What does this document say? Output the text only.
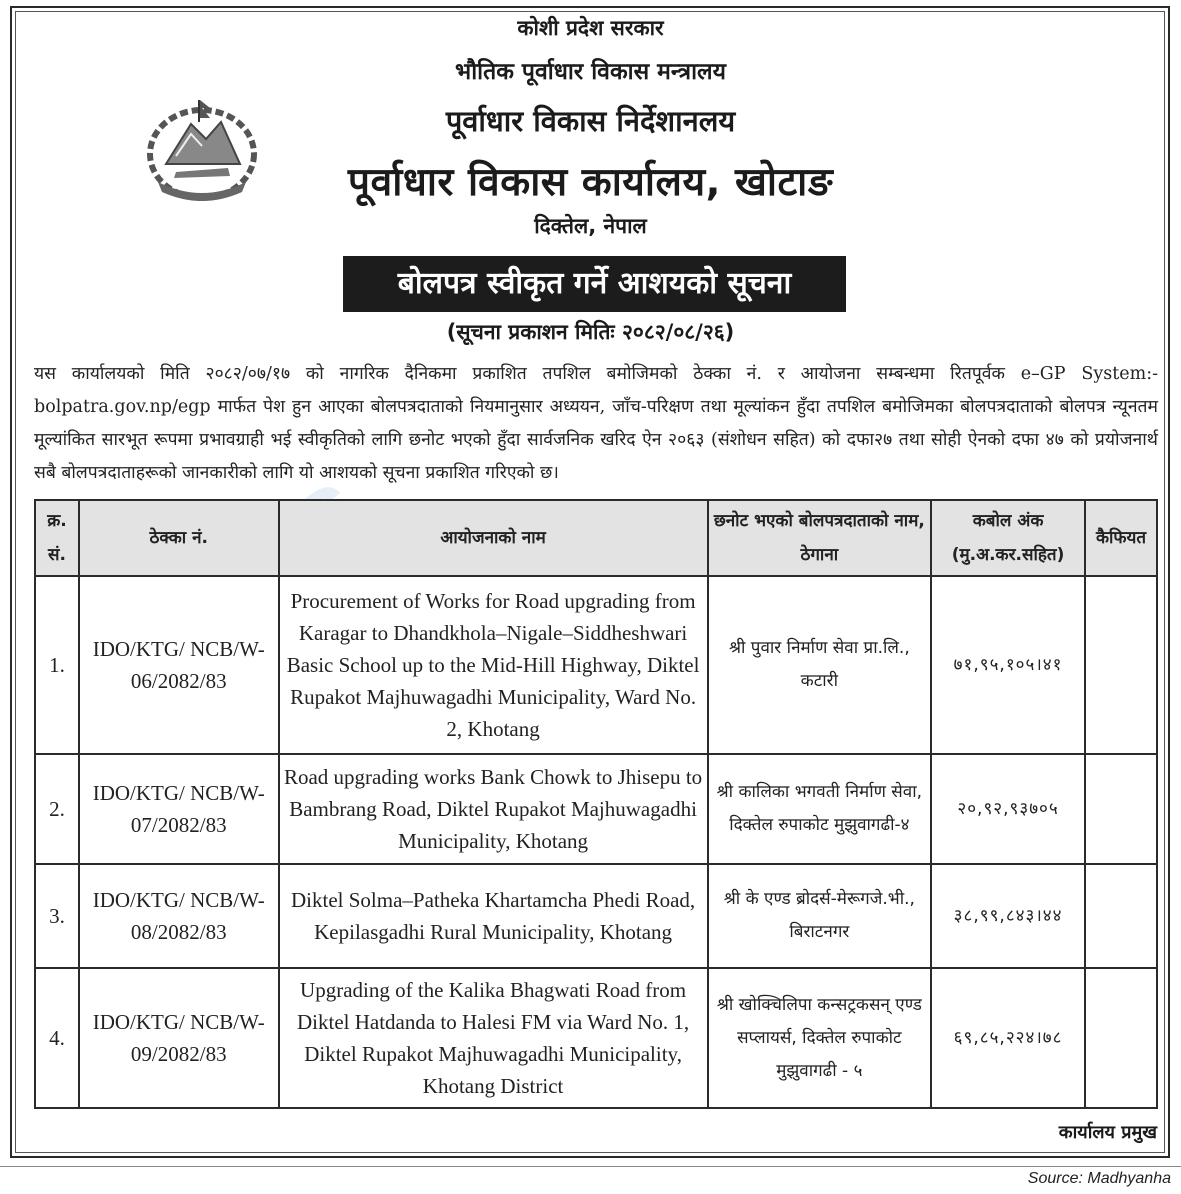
कोशी प्रदेश सरकार
भौतिक पूर्वाधार विकास मन्त्रालय
पूर्वाधार विकास निर्देशानलय
पूर्वाधार विकास कार्यालय, खोटाङ
दिक्तेल, नेपाल
बोलपत्र स्वीकृत गर्ने आशयको सूचना
(सूचना प्रकाशन मितिः २०८२/०८/२६)
यस कार्यालयको मिति २०८२/०७/१७ को नागरिक दैनिकमा प्रकाशित तपशिल बमोजिमको ठेक्का नं. र आयोजना सम्बन्धमा रितपूर्वक e–GP System:- bolpatra.gov.np/egp मार्फत पेश हुन आएका बोलपत्रदाताको नियमानुसार अध्ययन, जाँच-परिक्षण तथा मूल्यांकन हुँदा तपशिल बमोजिमका बोलपत्रदाताको बोलपत्र न्यूनतम मूल्यांकित सारभूत रूपमा प्रभावग्राही भई स्वीकृतिको लागि छनोट भएको हुँदा सार्वजनिक खरिद ऐन २०६३ (संशोधन सहित) को दफा२७ तथा सोही ऐनको दफा ४७ को प्रयोजनार्थ सबै बोलपत्रदाताहरूको जानकारीको लागि यो आशयको सूचना प्रकाशित गरिएको छ।
क्र. सं.	ठेक्का नं.	आयोजनाको नाम	छनोट भएको बोलपत्रदाताको नाम, ठेगाना	कबोल अंक (मु.अ.कर.सहित)	कैफियत
1.	IDO/KTG/ NCB/W-06/2082/83	Procurement of Works for Road upgrading from Karagar to Dhandkhola–Nigale–Siddheshwari Basic School up to the Mid-Hill Highway, Diktel Rupakot Majhuwagadhi Municipality, Ward No. 2, Khotang	श्री पुवार निर्माण सेवा प्रा.लि., कटारी	७१,९५,१०५।४१	
2.	IDO/KTG/ NCB/W-07/2082/83	Road upgrading works Bank Chowk to Jhisepu to Bambrang Road, Diktel Rupakot Majhuwagadhi Municipality, Khotang	श्री कालिका भगवती निर्माण सेवा, दिक्तेल रुपाकोट मुझुवागढी-४	२०,९२,९३७०५	
3.	IDO/KTG/ NCB/W-08/2082/83	Diktel Solma–Patheka Khartamcha Phedi Road, Kepilasgadhi Rural Municipality, Khotang	श्री के एण्ड ब्रोदर्स-मेरूगजे.भी., बिराटनगर	३८,९९,८४३।४४	
4.	IDO/KTG/ NCB/W-09/2082/83	Upgrading of the Kalika Bhagwati Road from Diktel Hatdanda to Halesi FM via Ward No. 1, Diktel Rupakot Majhuwagadhi Municipality, Khotang District	श्री खोक्चिलिपा कन्सट्रकसन् एण्ड सप्लायर्स, दिक्तेल रुपाकोट मुझुवागढी - ५	६९,८५,२२४।७८	
कार्यालय प्रमुख
Source: Madhyanha
